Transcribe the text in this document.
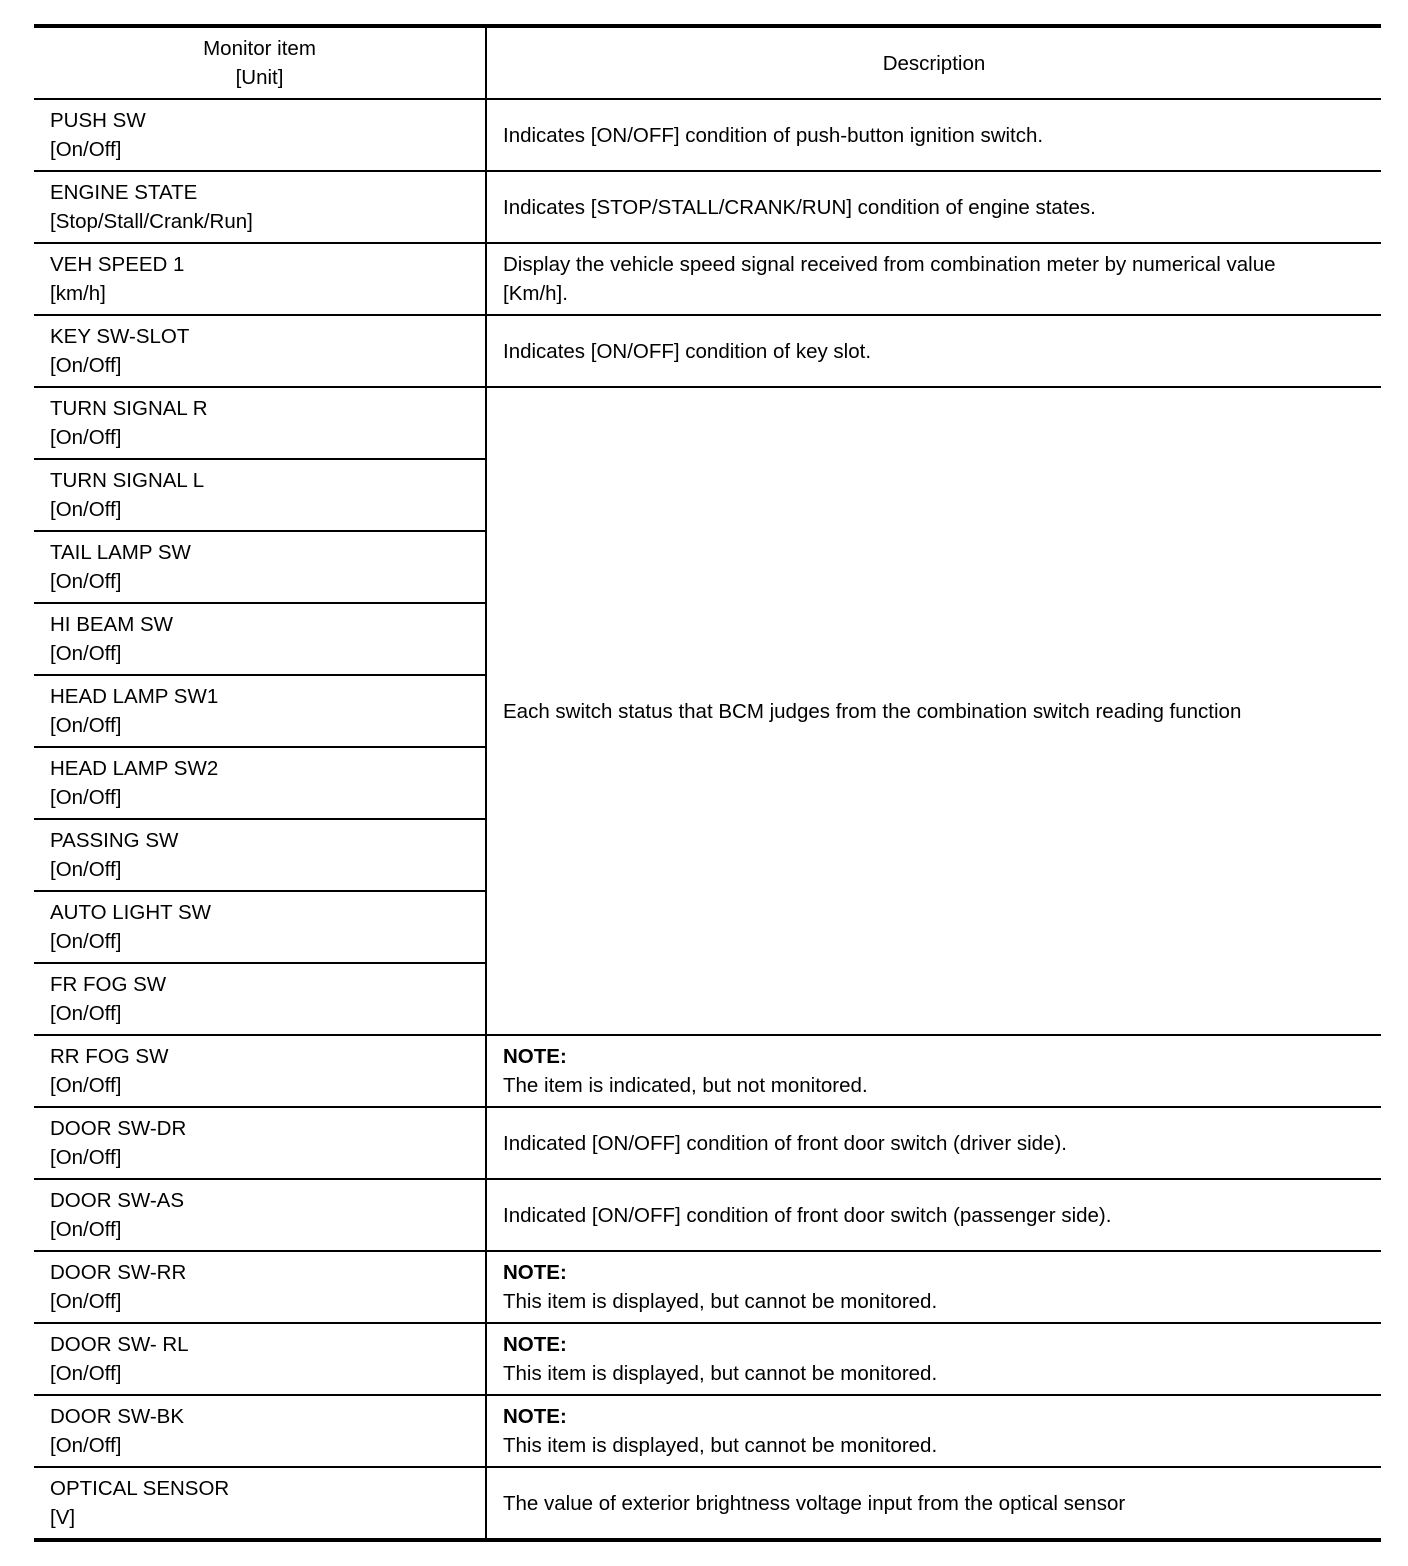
Monitor item
[Unit]	Description

PUSH SW
[On/Off]	Indicates [ON/OFF] condition of push-button ignition switch.

ENGINE STATE
[Stop/Stall/Crank/Run]	Indicates [STOP/STALL/CRANK/RUN] condition of engine states.

VEH SPEED 1
[km/h]	Display the vehicle speed signal received from combination meter by numerical value
[Km/h].

KEY SW-SLOT
[On/Off]	Indicates [ON/OFF] condition of key slot.

TURN SIGNAL R
[On/Off]	Each switch status that BCM judges from the combination switch reading function

TURN SIGNAL L
[On/Off]	

TAIL LAMP SW
[On/Off]	

HI BEAM SW
[On/Off]	

HEAD LAMP SW1
[On/Off]	

HEAD LAMP SW2
[On/Off]	

PASSING SW
[On/Off]	

AUTO LIGHT SW
[On/Off]	

FR FOG SW
[On/Off]	

RR FOG SW
[On/Off]	NOTE:
The item is indicated, but not monitored.

DOOR SW-DR
[On/Off]	Indicated [ON/OFF] condition of front door switch (driver side).

DOOR SW-AS
[On/Off]	Indicated [ON/OFF] condition of front door switch (passenger side).

DOOR SW-RR
[On/Off]	NOTE:
This item is displayed, but cannot be monitored.

DOOR SW- RL
[On/Off]	NOTE:
This item is displayed, but cannot be monitored.

DOOR SW-BK
[On/Off]	NOTE:
This item is displayed, but cannot be monitored.

OPTICAL SENSOR
[V]	The value of exterior brightness voltage input from the optical sensor
